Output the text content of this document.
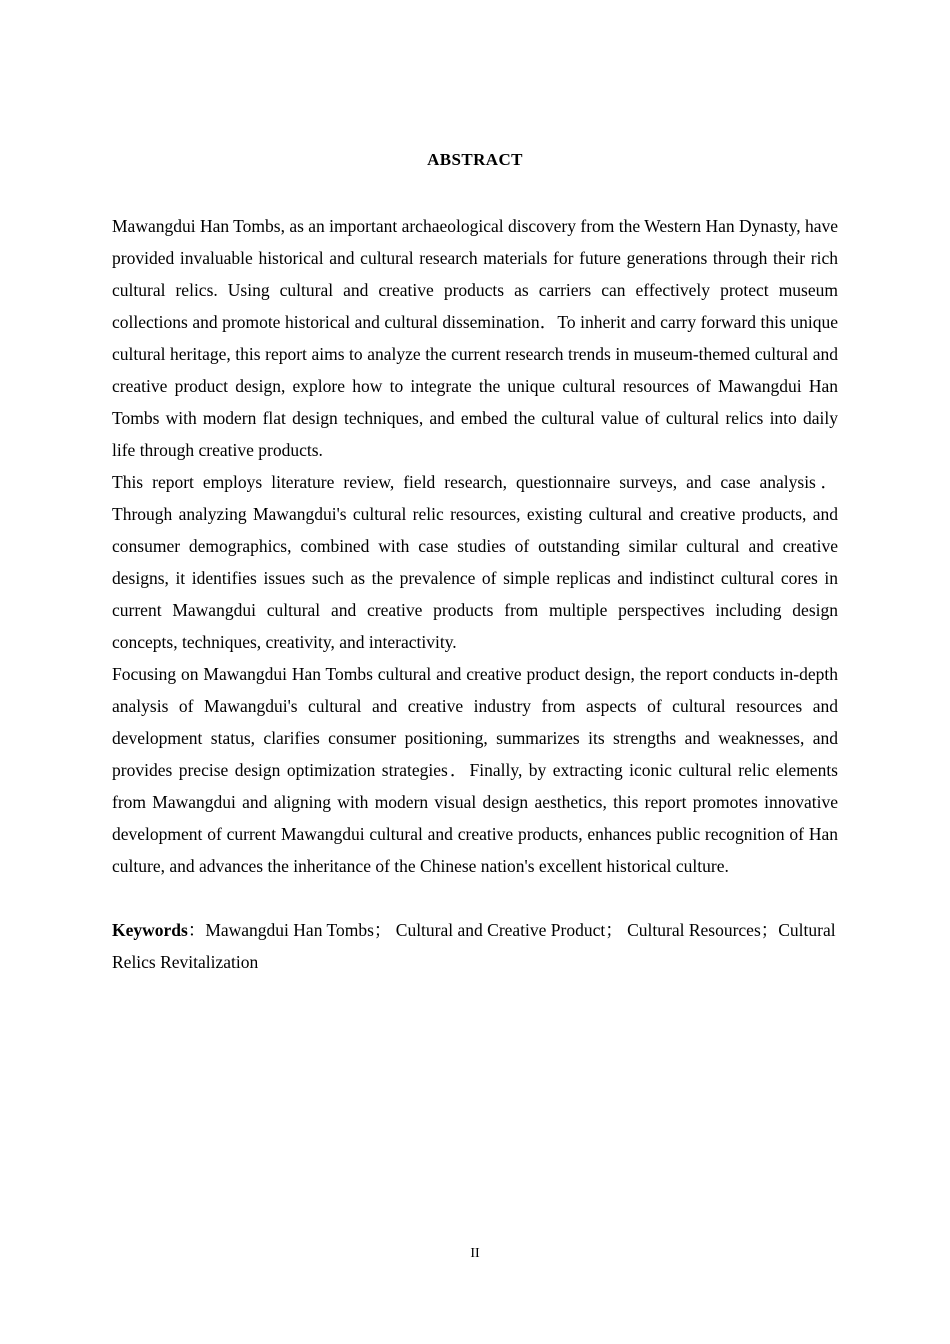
ABSTRACT

Mawangdui Han Tombs, as an important archaeological discovery from the Western Han Dynasty, have provided invaluable historical and cultural research materials for future generations through their rich cultural relics. Using cultural and creative products as carriers can effectively protect museum collections and promote historical and cultural dissemination．To inherit and carry forward this unique cultural heritage, this report aims to analyze the current research trends in museum-themed cultural and creative product design, explore how to integrate the unique cultural resources of Mawangdui Han Tombs with modern flat design techniques, and embed the cultural value of cultural relics into daily life through creative products.

This report employs literature review, field research, questionnaire surveys, and case analysis．Through analyzing Mawangdui's cultural relic resources, existing cultural and creative products, and consumer demographics, combined with case studies of outstanding similar cultural and creative designs, it identifies issues such as the prevalence of simple replicas and indistinct cultural cores in current Mawangdui cultural and creative products from multiple perspectives including design concepts, techniques, creativity, and interactivity.

Focusing on Mawangdui Han Tombs cultural and creative product design, the report conducts in-depth analysis of Mawangdui's cultural and creative industry from aspects of cultural resources and development status, clarifies consumer positioning, summarizes its strengths and weaknesses, and provides precise design optimization strategies．Finally, by extracting iconic cultural relic elements from Mawangdui and aligning with modern visual design aesthetics, this report promotes innovative development of current Mawangdui cultural and creative products, enhances public recognition of Han culture, and advances the inheritance of the Chinese nation's excellent historical culture.

Keywords：Mawangdui Han Tombs； Cultural and Creative Product； Cultural Resources；Cultural Relics Revitalization

II
